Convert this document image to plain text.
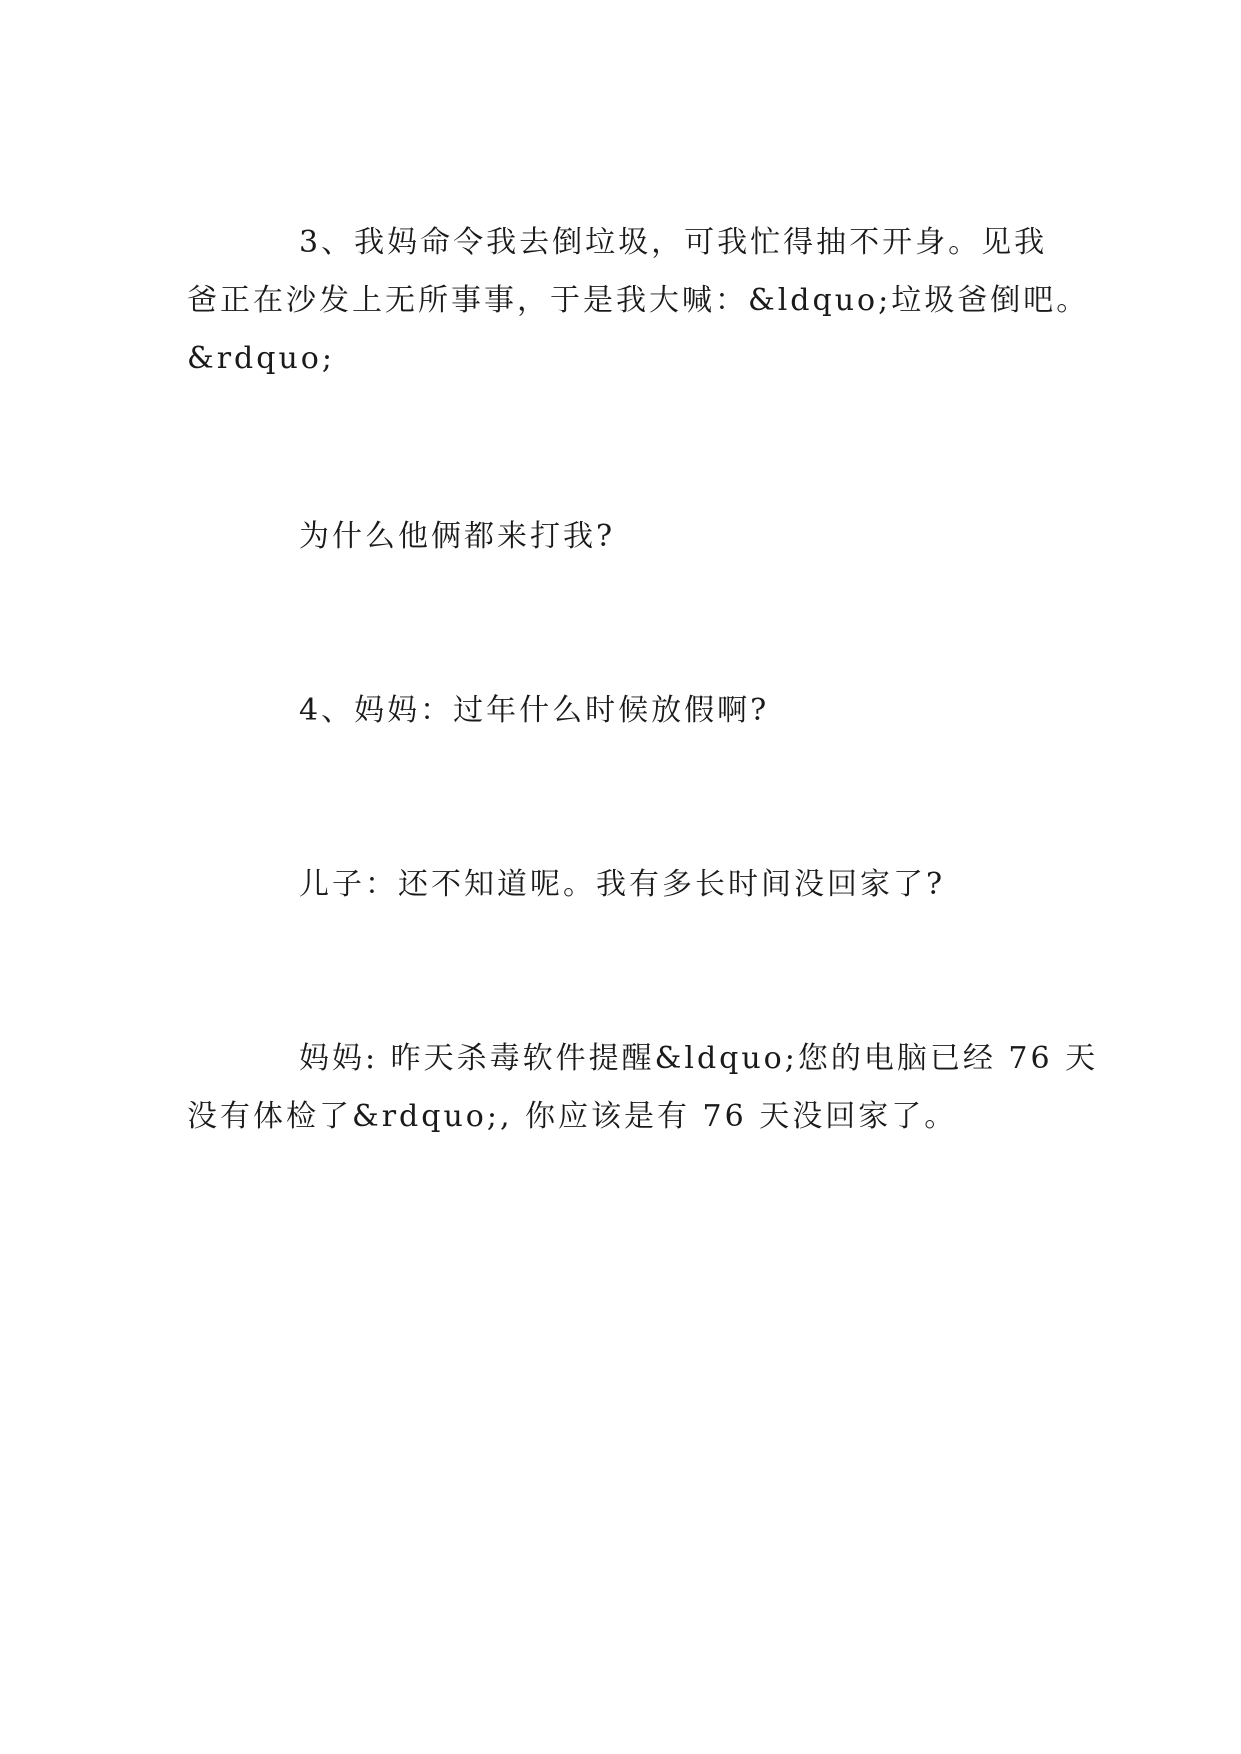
3、我妈命令我去倒垃圾，可我忙得抽不开身。见我
爸正在沙发上无所事事，于是我大喊：&ldquo;垃圾爸倒吧。
&rdquo;
为什么他俩都来打我?
4、妈妈：过年什么时候放假啊?
儿子：还不知道呢。我有多长时间没回家了?
妈妈: 昨天杀毒软件提醒&ldquo;您的电脑已经 76 天
没有体检了&rdquo;, 你应该是有 76 天没回家了。
